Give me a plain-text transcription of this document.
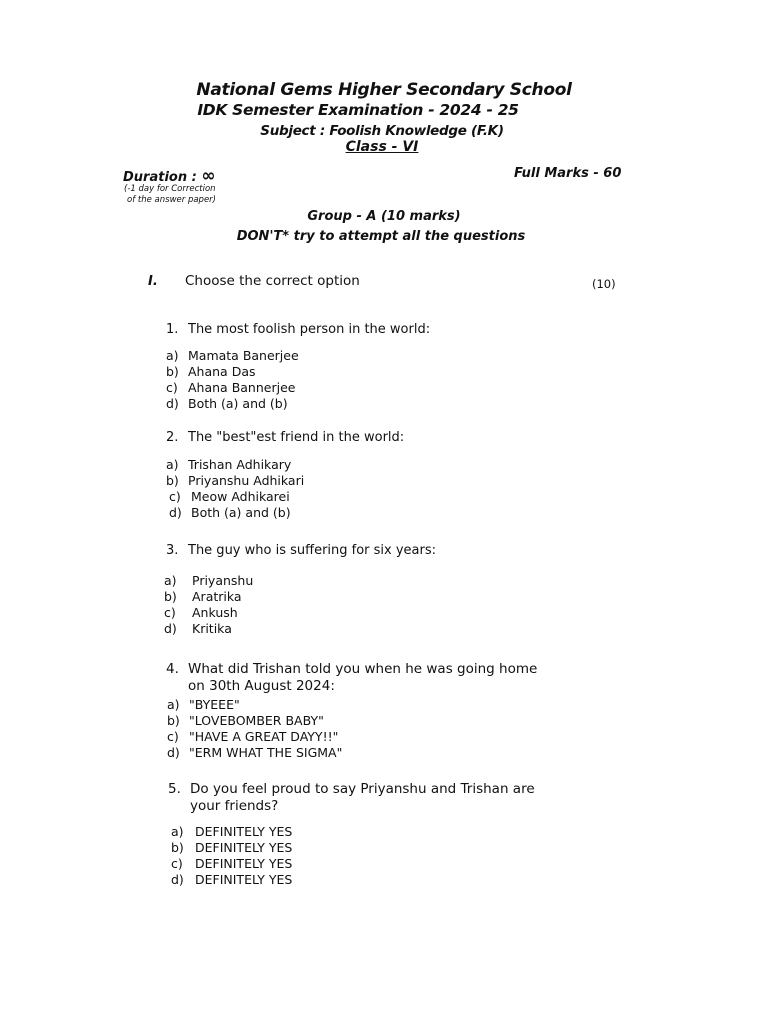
National Gems Higher Secondary School
IDK Semester Examination - 2024 - 25
Subject : Foolish Knowledge (F.K)
Class - VI
Duration : ∞
(-1 day for Correction
of the answer paper)
Full Marks - 60
Group - A (10 marks)
DON'T* try to attempt all the questions
I. Choose the correct option	(10)
1. The most foolish person in the world:
a) Mamata Banerjee
b) Ahana Das
c) Ahana Bannerjee
d) Both (a) and (b)
2. The "best"est friend in the world:
a) Trishan Adhikary
b) Priyanshu Adhikari
c) Meow Adhikarei
d) Both (a) and (b)
3. The guy who is suffering for six years:
a) Priyanshu
b) Aratrika
c) Ankush
d) Kritika
4. What did Trishan told you when he was going home
on 30th August 2024:
a) "BYEEE"
b) "LOVEBOMBER BABY"
c) "HAVE A GREAT DAYY!!"
d) "ERM WHAT THE SIGMA"
5. Do you feel proud to say Priyanshu and Trishan are
your friends?
a) DEFINITELY YES
b) DEFINITELY YES
c) DEFINITELY YES
d) DEFINITELY YES
